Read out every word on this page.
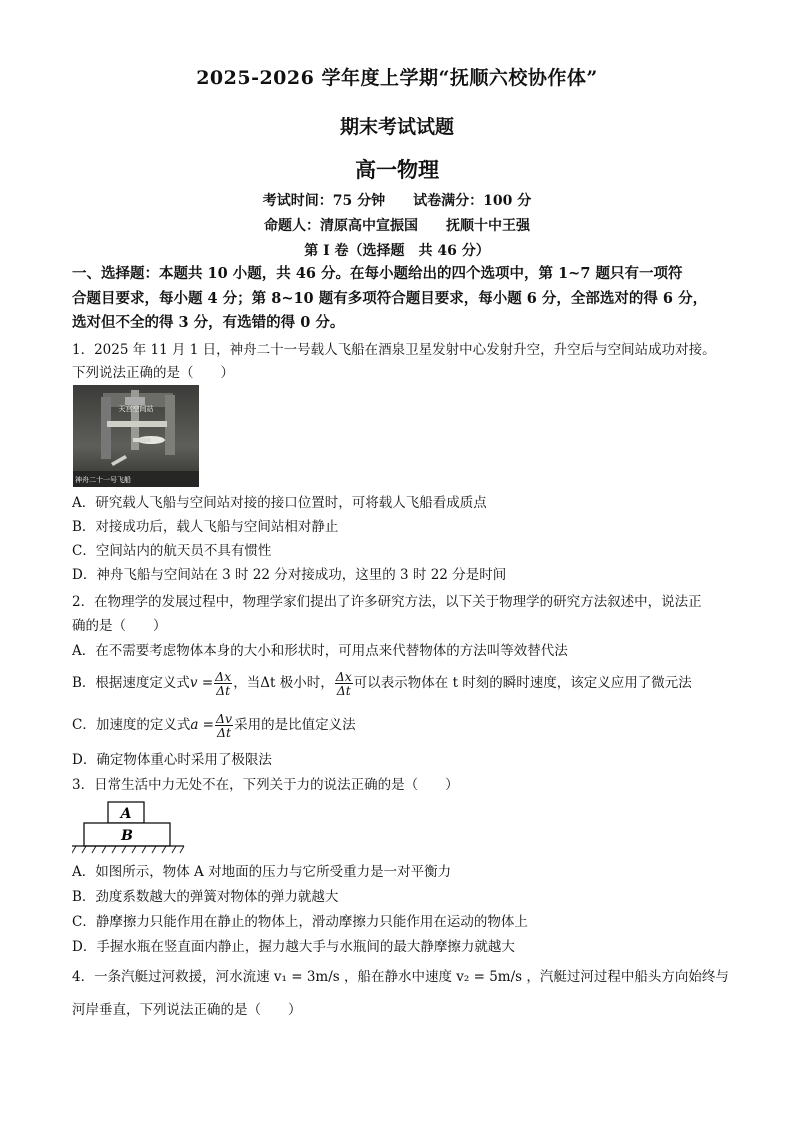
2025-2026 学年度上学期“抚顺六校协作体”
期末考试试题
高一物理
考试时间：75 分钟 试卷满分：100 分
命题人：清原高中宣振国 抚顺十中王强
第 I 卷（选择题　共 46 分）
一、选择题：本题共 10 小题，共 46 分。在每小题给出的四个选项中，第 1~7 题只有一项符
合题目要求，每小题 4 分；第 8~10 题有多项符合题目要求，每小题 6 分，全部选对的得 6 分，
选对但不全的得 3 分，有选错的得 0 分。
1．2025 年 11 月 1 日，神舟二十一号载人飞船在酒泉卫星发射中心发射升空，升空后与空间站成功对接。
下列说法正确的是（　　）
天宫空间站
神舟二十一号飞船
A．研究载人飞船与空间站对接的接口位置时，可将载人飞船看成质点
B．对接成功后，载人飞船与空间站相对静止
C．空间站内的航天员不具有惯性
D．神舟飞船与空间站在 3 时 22 分对接成功，这里的 3 时 22 分是时间
2．在物理学的发展过程中，物理学家们提出了许多研究方法，以下关于物理学的研究方法叙述中，说法正
确的是（　　）
A．在不需要考虑物体本身的大小和形状时，可用点来代替物体的方法叫等效替代法
B．根据速度定义式$v = \frac{\Delta x}{\Delta t}$ ，当Δt 极小时， $\frac{\Delta x}{\Delta t}$ 可以表示物体在 t 时刻的瞬时速度，该定义应用了微元法
C．加速度的定义式$a = \frac{\Delta v}{\Delta t}$ 采用的是比值定义法
D．确定物体重心时采用了极限法
3．日常生活中力无处不在，下列关于力的说法正确的是（　　）
A
B
A．如图所示，物体 A 对地面的压力与它所受重力是一对平衡力
B．劲度系数越大的弹簧对物体的弹力就越大
C．静摩擦力只能作用在静止的物体上，滑动摩擦力只能作用在运动的物体上
D．手握水瓶在竖直面内静止，握力越大手与水瓶间的最大静摩擦力就越大
4．一条汽艇过河救援，河水流速 v₁ = 3m/s ，船在静水中速度 v₂ = 5m/s ，汽艇过河过程中船头方向始终与
河岸垂直，下列说法正确的是（　　）
